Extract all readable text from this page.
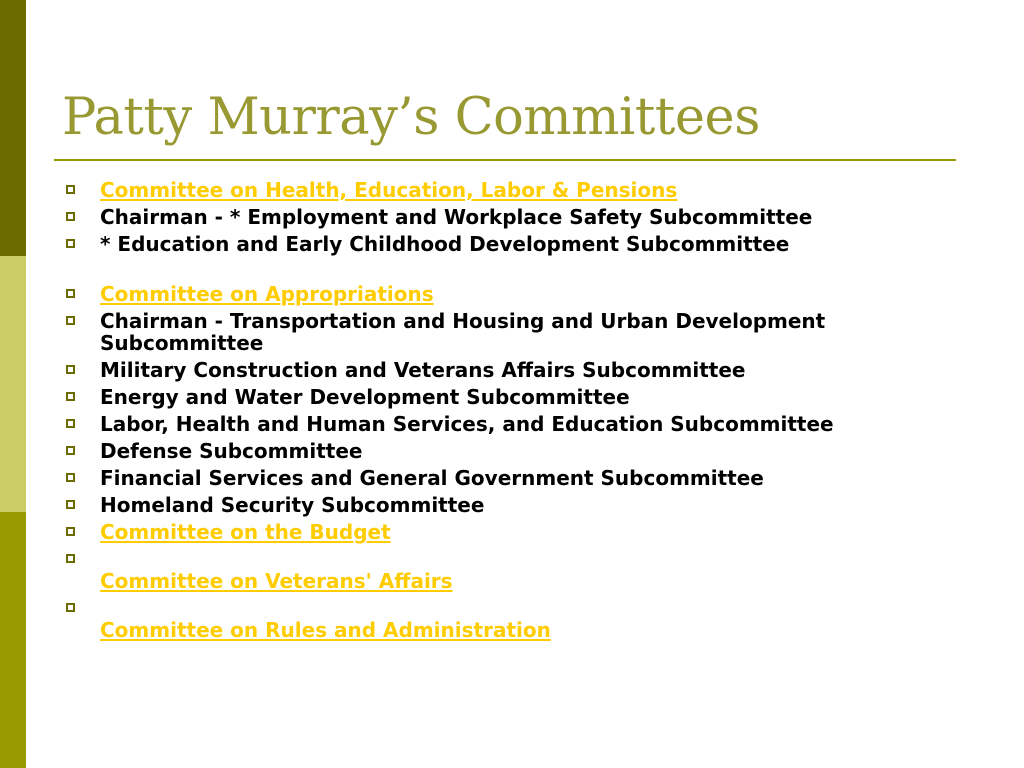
Patty Murray’s Committees
Committee on Health, Education, Labor & Pensions
Chairman - * Employment and Workplace Safety Subcommittee
* Education and Early Childhood Development Subcommittee
Committee on Appropriations
Chairman - Transportation and Housing and Urban Development Subcommittee
Military Construction and Veterans Affairs Subcommittee
Energy and Water Development Subcommittee
Labor, Health and Human Services, and Education Subcommittee
Defense Subcommittee
Financial Services and General Government Subcommittee
Homeland Security Subcommittee
Committee on the Budget
Committee on Veterans' Affairs
Committee on Rules and Administration
